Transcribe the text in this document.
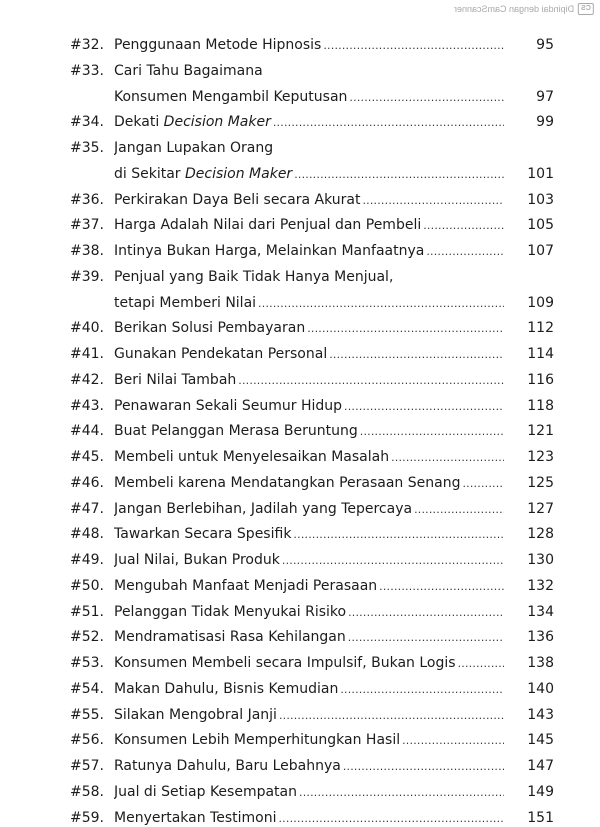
CS
Dipindai dengan CamScanner
#32. Penggunaan Metode Hipnosis .....	95
#33. Cari Tahu Bagaimana
Konsumen Mengambil Keputusan .....	97
#34. Dekati Decision Maker .....	99
#35. Jangan Lupakan Orang
di Sekitar Decision Maker .....	101
#36. Perkirakan Daya Beli secara Akurat .....	103
#37. Harga Adalah Nilai dari Penjual dan Pembeli .....	105
#38. Intinya Bukan Harga, Melainkan Manfaatnya .....	107
#39. Penjual yang Baik Tidak Hanya Menjual,
tetapi Memberi Nilai .....	109
#40. Berikan Solusi Pembayaran .....	112
#41. Gunakan Pendekatan Personal .....	114
#42. Beri Nilai Tambah .....	116
#43. Penawaran Sekali Seumur Hidup .....	118
#44. Buat Pelanggan Merasa Beruntung .....	121
#45. Membeli untuk Menyelesaikan Masalah .....	123
#46. Membeli karena Mendatangkan Perasaan Senang .....	125
#47. Jangan Berlebihan, Jadilah yang Tepercaya .....	127
#48. Tawarkan Secara Spesifik .....	128
#49. Jual Nilai, Bukan Produk .....	130
#50. Mengubah Manfaat Menjadi Perasaan .....	132
#51. Pelanggan Tidak Menyukai Risiko .....	134
#52. Mendramatisasi Rasa Kehilangan .....	136
#53. Konsumen Membeli secara Impulsif, Bukan Logis .....	138
#54. Makan Dahulu, Bisnis Kemudian .....	140
#55. Silakan Mengobral Janji .....	143
#56. Konsumen Lebih Memperhitungkan Hasil .....	145
#57. Ratunya Dahulu, Baru Lebahnya .....	147
#58. Jual di Setiap Kesempatan .....	149
#59. Menyertakan Testimoni .....	151
